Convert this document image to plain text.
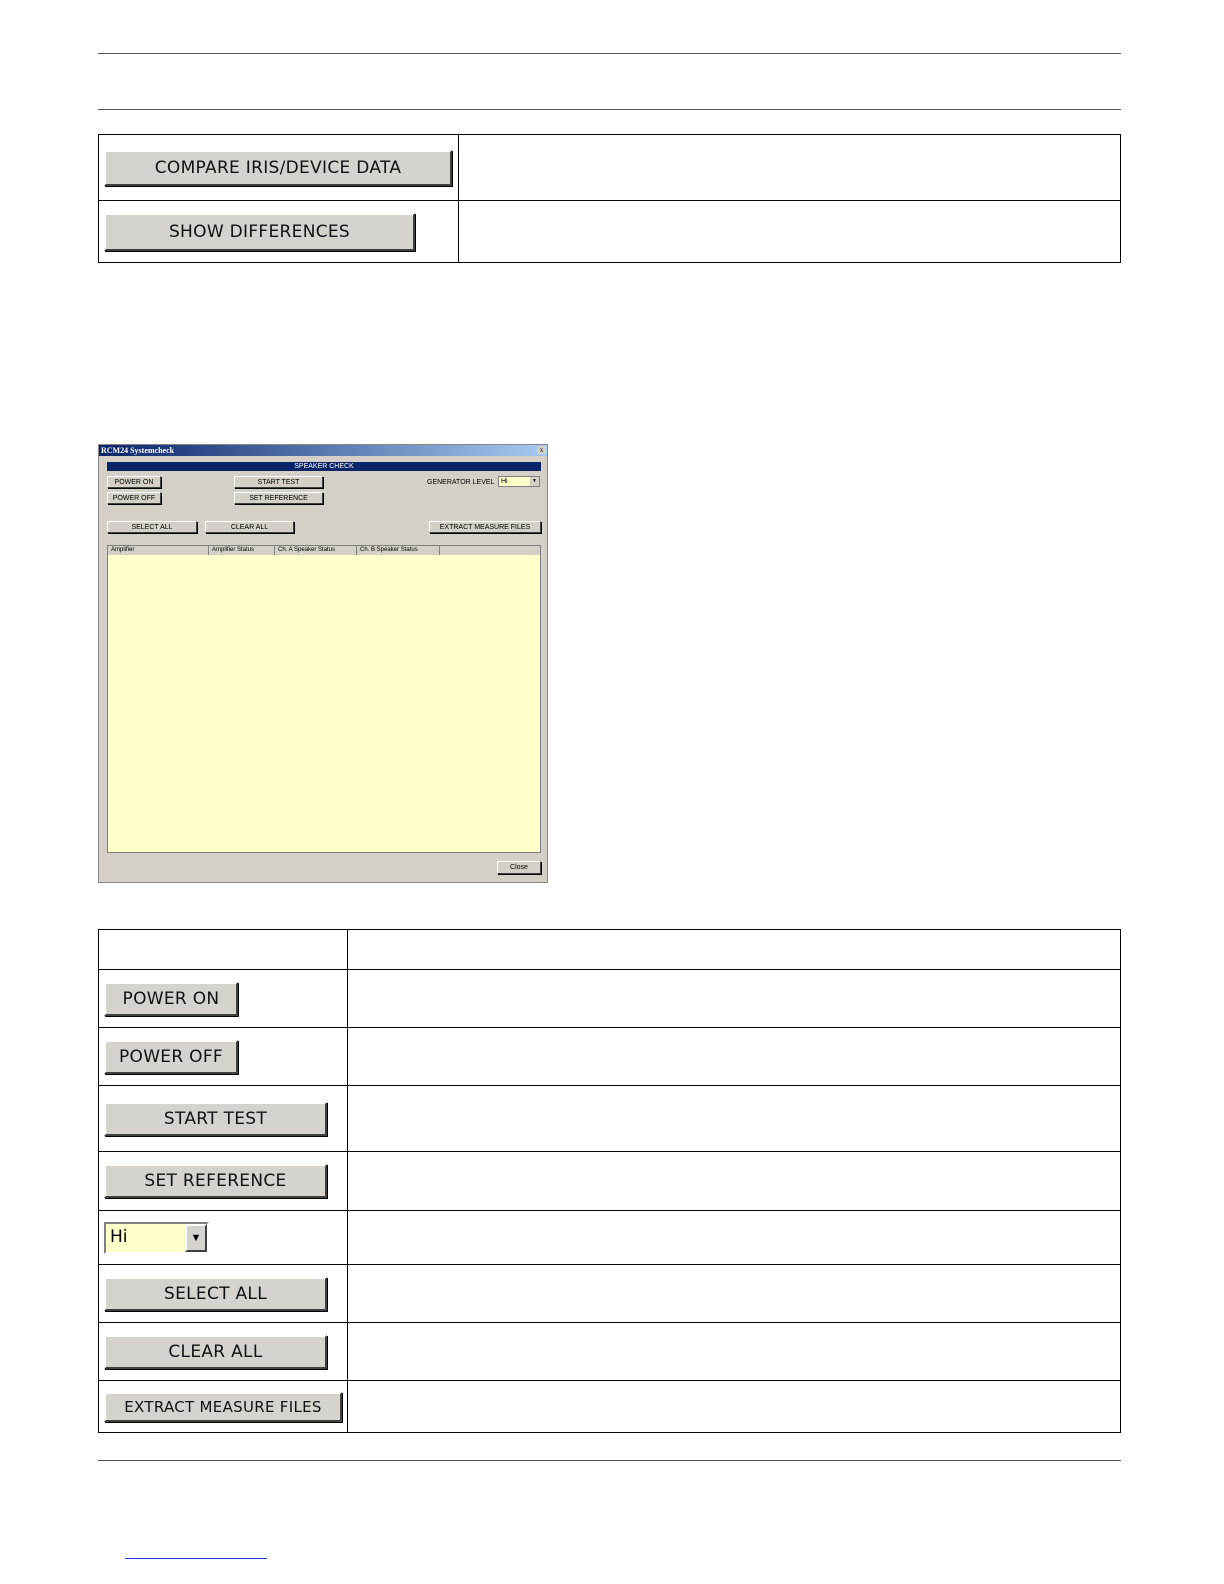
COMPARE IRIS/DEVICE DATA	

SHOW DIFFERENCES	

RCM24 Systemcheck	x
SPEAKER CHECK
POWER ON
POWER OFF
START TEST
SET REFERENCE
GENERATOR LEVEL Hi	▼
SELECT ALL	CLEAR ALL	EXTRACT MEASURE FILES
Amplifier	Amplifier Status	Ch. A Speaker Status	Ch. B Speaker Status
Close

POWER ON	

POWER OFF	

START TEST	

SET REFERENCE	

Hi ▼	

SELECT ALL	

CLEAR ALL	

EXTRACT MEASURE FILES	
